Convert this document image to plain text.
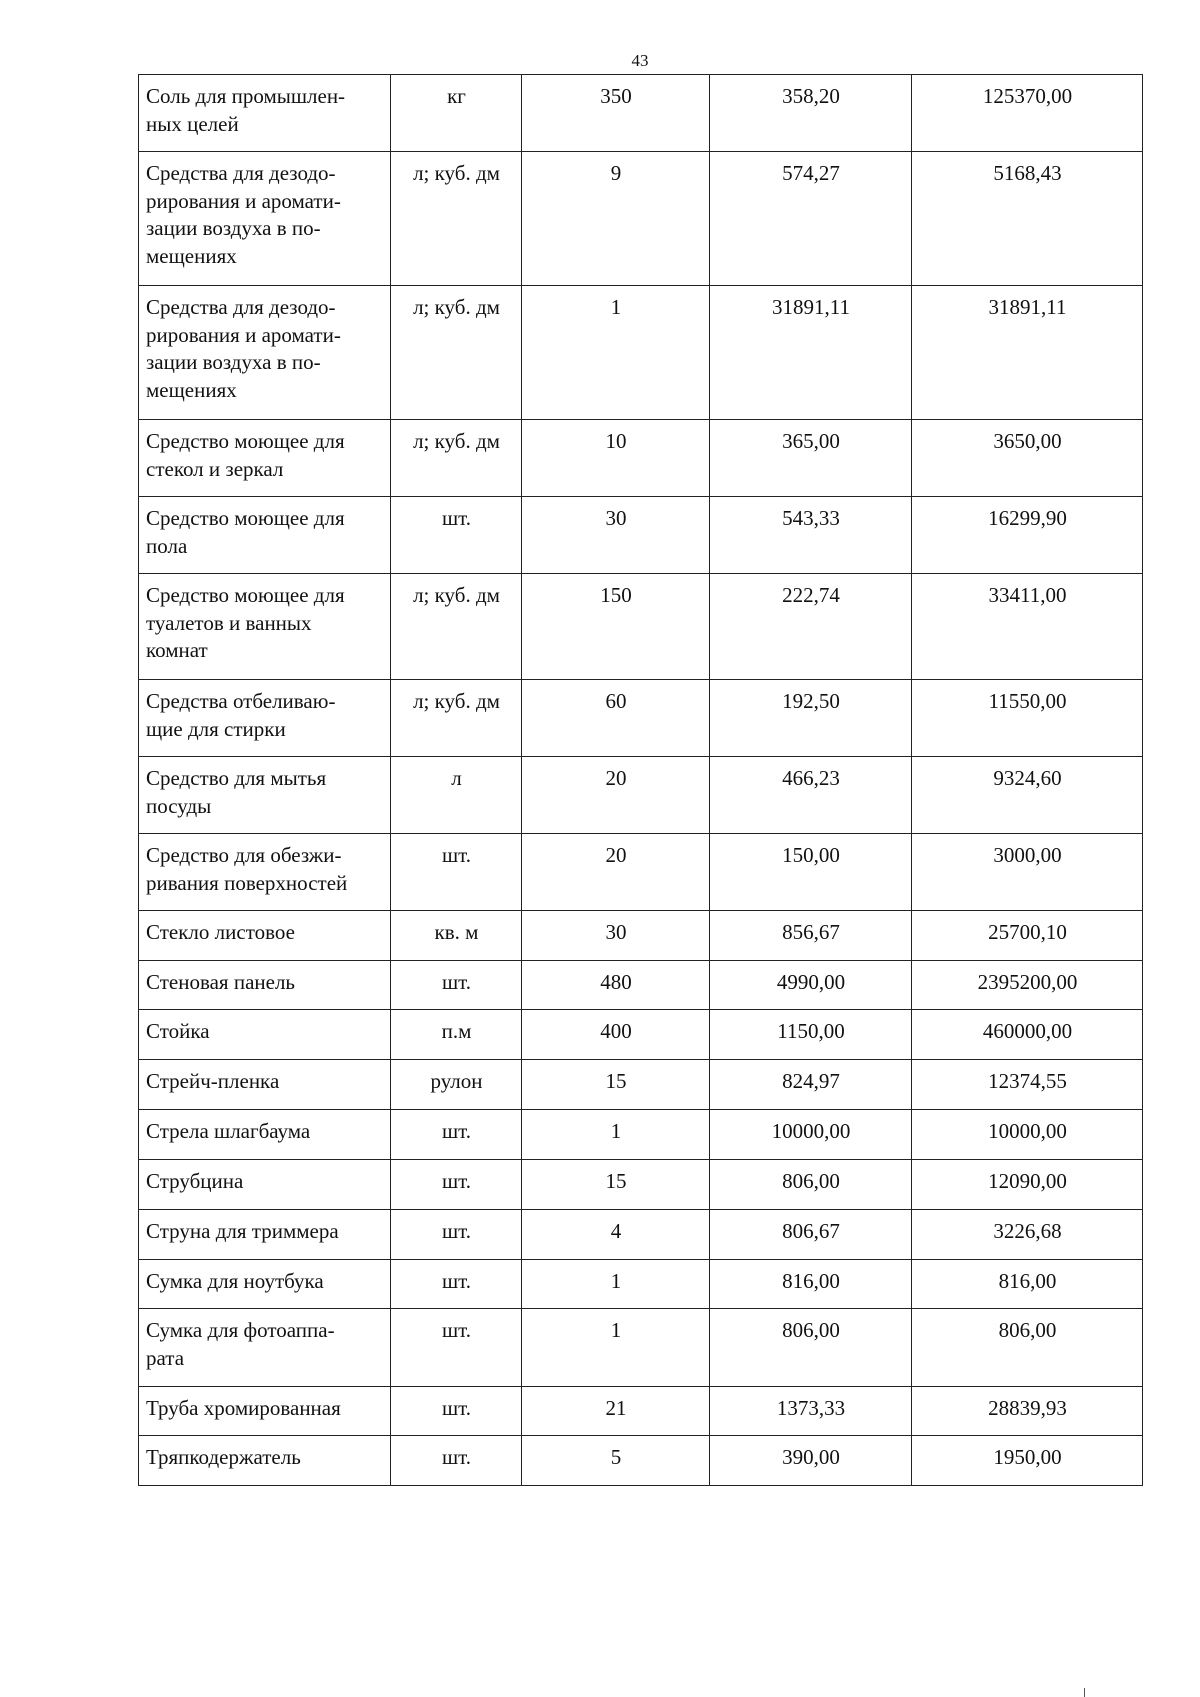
43
Соль для промышлен-
ных целей	кг	350	358,20	125370,00
Средства для дезодо-
рирования и аромати-
зации воздуха в по-
мещениях	л; куб. дм	9	574,27	5168,43
Средства для дезодо-
рирования и аромати-
зации воздуха в по-
мещениях	л; куб. дм	1	31891,11	31891,11
Средство моющее для
стекол и зеркал	л; куб. дм	10	365,00	3650,00
Средство моющее для
пола	шт.	30	543,33	16299,90
Средство моющее для
туалетов и ванных
комнат	л; куб. дм	150	222,74	33411,00
Средства отбеливаю-
щие для стирки	л; куб. дм	60	192,50	11550,00
Средство для мытья
посуды	л	20	466,23	9324,60
Средство для обезжи-
ривания поверхностей	шт.	20	150,00	3000,00
Стекло листовое	кв. м	30	856,67	25700,10
Стеновая панель	шт.	480	4990,00	2395200,00
Стойка	п.м	400	1150,00	460000,00
Стрейч-пленка	рулон	15	824,97	12374,55
Стрела шлагбаума	шт.	1	10000,00	10000,00
Струбцина	шт.	15	806,00	12090,00
Струна для триммера	шт.	4	806,67	3226,68
Сумка для ноутбука	шт.	1	816,00	816,00
Сумка для фотоаппа-
рата	шт.	1	806,00	806,00
Труба хромированная	шт.	21	1373,33	28839,93
Тряпкодержатель	шт.	5	390,00	1950,00
